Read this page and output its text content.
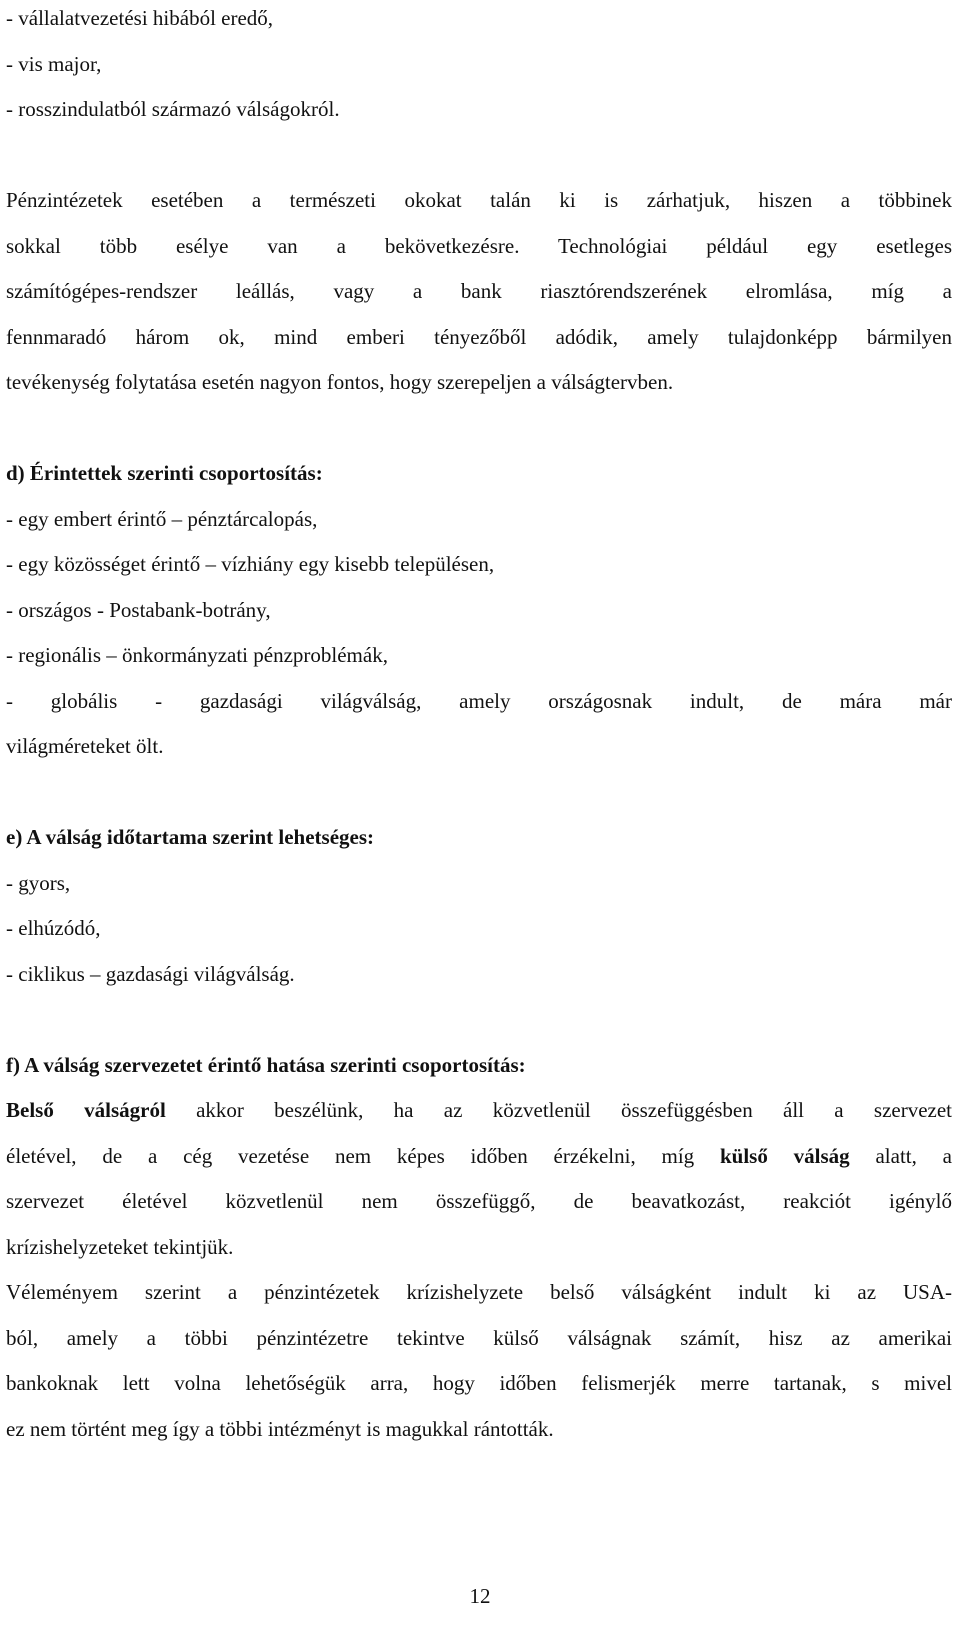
- vállalatvezetési hibából eredő,

- vis major,

- rosszindulatból származó válságokról.

Pénzintézetek esetében a természeti okokat talán ki is zárhatjuk, hiszen a többinek

sokkal több esélye van a bekövetkezésre. Technológiai például egy esetleges

számítógépes-rendszer leállás, vagy a bank riasztórendszerének elromlása, míg a

fennmaradó három ok, mind emberi tényezőből adódik, amely tulajdonképp bármilyen

tevékenység folytatása esetén nagyon fontos, hogy szerepeljen a válságtervben.

d) Érintettek szerinti csoportosítás:

- egy embert érintő – pénztárcalopás,

- egy közösséget érintő – vízhiány egy kisebb településen,

- országos - Postabank-botrány,

- regionális – önkormányzati pénzproblémák,

- globális - gazdasági világválság, amely országosnak indult, de mára már

világméreteket ölt.

e) A válság időtartama szerint lehetséges:

- gyors,

- elhúzódó,

- ciklikus – gazdasági világválság.

f) A válság szervezetet érintő hatása szerinti csoportosítás:

Belső válságról akkor beszélünk, ha az közvetlenül összefüggésben áll a szervezet

életével, de a cég vezetése nem képes időben érzékelni, míg külső válság alatt, a

szervezet életével közvetlenül nem összefüggő, de beavatkozást, reakciót igénylő

krízishelyzeteket tekintjük.

Véleményem szerint a pénzintézetek krízishelyzete belső válságként indult ki az USA-

ból, amely a többi pénzintézetre tekintve külső válságnak számít, hisz az amerikai

bankoknak lett volna lehetőségük arra, hogy időben felismerjék merre tartanak, s mivel

ez nem történt meg így a többi intézményt is magukkal rántották.

12
